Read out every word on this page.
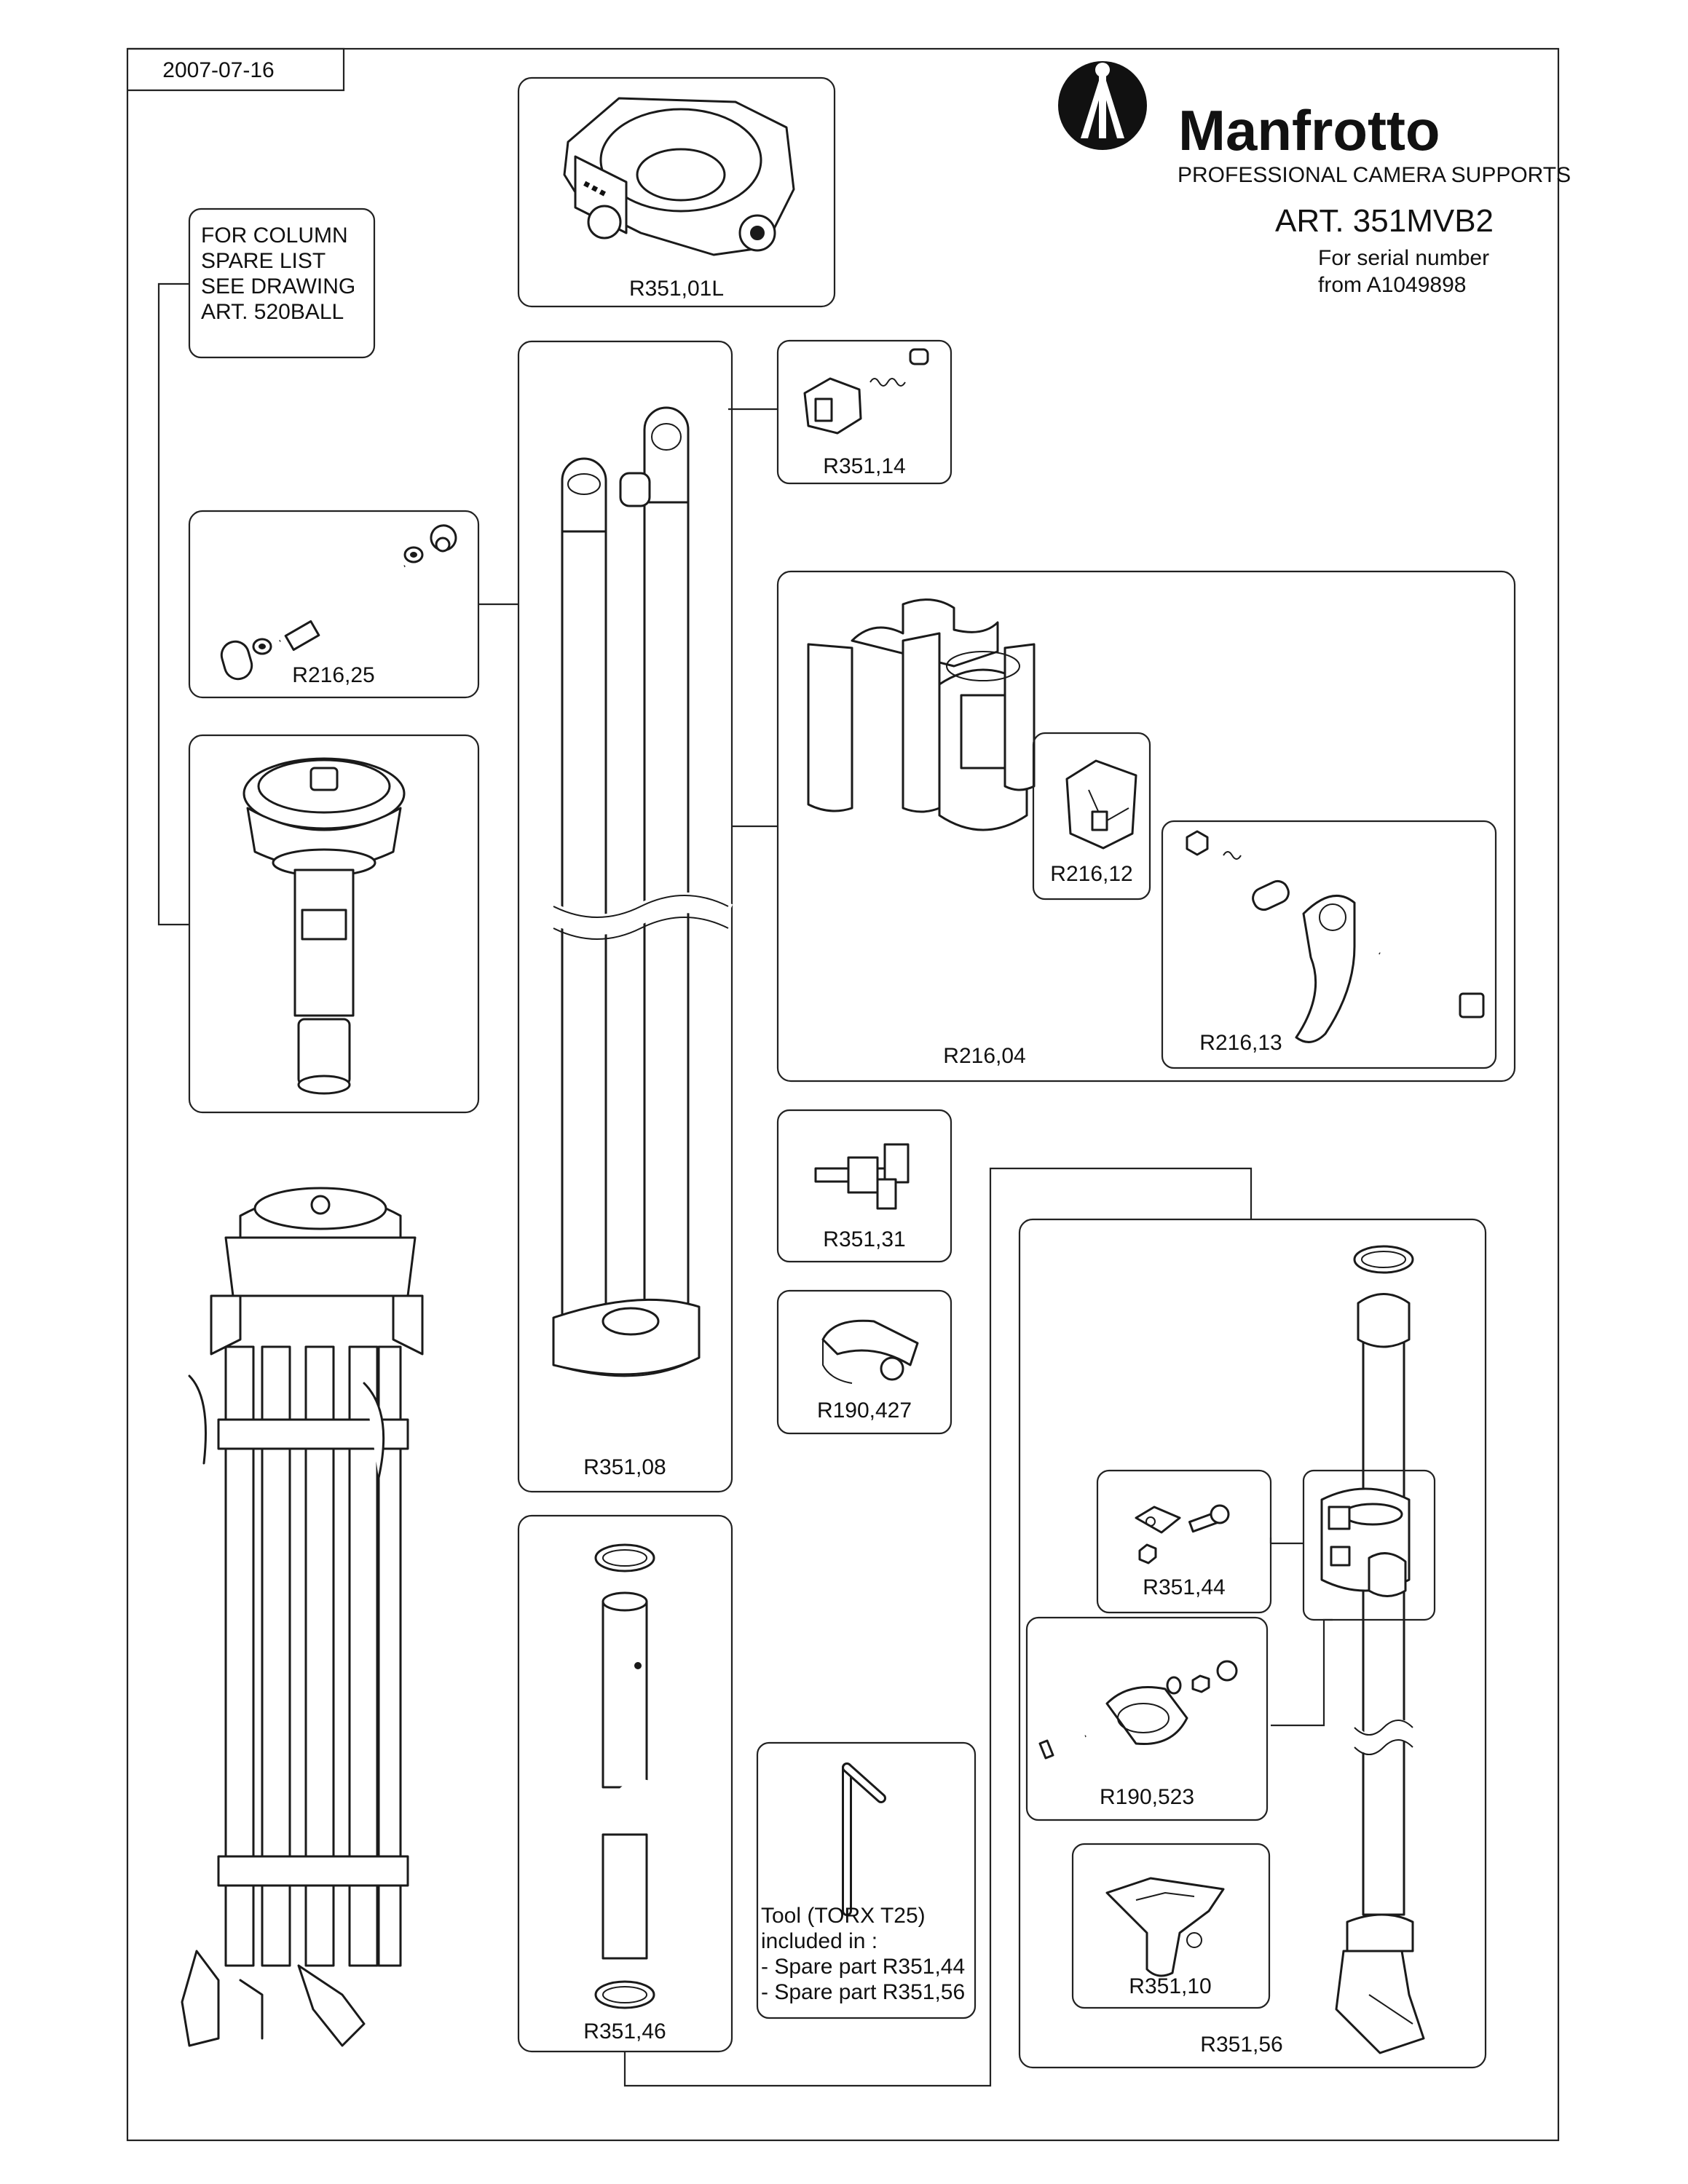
2007-07-16
Manfrotto
PROFESSIONAL CAMERA SUPPORTS
ART. 351MVB2
For serial number
from A1049898
FOR COLUMN
SPARE LIST
SEE DRAWING
ART. 520BALL
■ ■ ■
R351,01L
R351,14
R216,25
R351,08
R216,04
R216,12
R216,13
R351,31
R190,427
R351,46
Tool (TORX T25)
included in :
- Spare part R351,44
- Spare part R351,56
R351,56
R351,44
R190,523
R351,10
